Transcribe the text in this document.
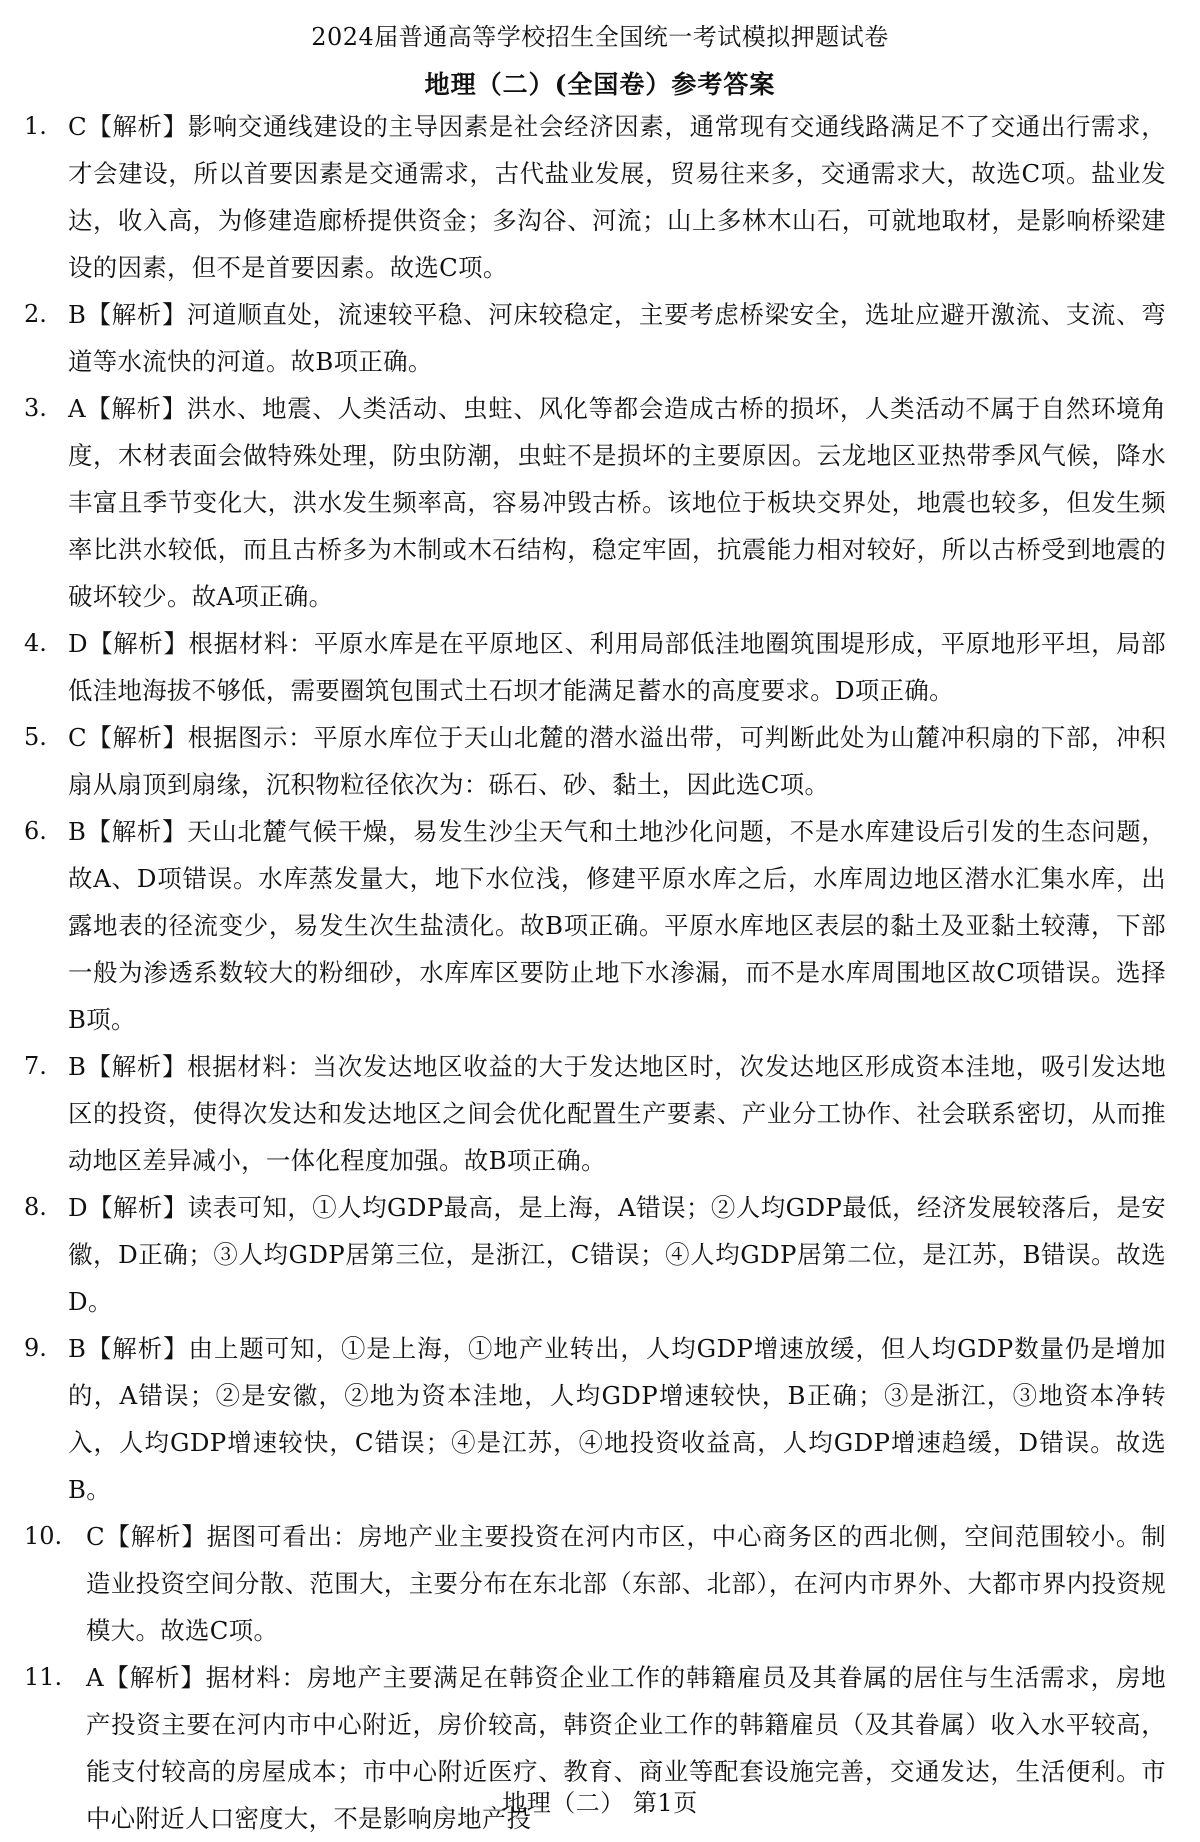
2024届普通高等学校招生全国统一考试模拟押题试卷
地理（二）(全国卷）参考答案
1. C【解析】影响交通线建设的主导因素是社会经济因素，通常现有交通线路满足不了交通出行需求，才会建设，所以首要因素是交通需求，古代盐业发展，贸易往来多，交通需求大，故选C项。盐业发达，收入高，为修建造廊桥提供资金；多沟谷、河流；山上多林木山石，可就地取材，是影响桥梁建设的因素，但不是首要因素。故选C项。
2. B【解析】河道顺直处，流速较平稳、河床较稳定，主要考虑桥梁安全，选址应避开激流、支流、弯道等水流快的河道。故B项正确。
3. A【解析】洪水、地震、人类活动、虫蛀、风化等都会造成古桥的损坏，人类活动不属于自然环境角度，木材表面会做特殊处理，防虫防潮，虫蛀不是损坏的主要原因。云龙地区亚热带季风气候，降水丰富且季节变化大，洪水发生频率高，容易冲毁古桥。该地位于板块交界处，地震也较多，但发生频率比洪水较低，而且古桥多为木制或木石结构，稳定牢固，抗震能力相对较好，所以古桥受到地震的破坏较少。故A项正确。
4. D【解析】根据材料：平原水库是在平原地区、利用局部低洼地圈筑围堤形成，平原地形平坦，局部低洼地海拔不够低，需要圈筑包围式土石坝才能满足蓄水的高度要求。D项正确。
5. C【解析】根据图示：平原水库位于天山北麓的潜水溢出带，可判断此处为山麓冲积扇的下部，冲积扇从扇顶到扇缘，沉积物粒径依次为：砾石、砂、黏土，因此选C项。
6. B【解析】天山北麓气候干燥，易发生沙尘天气和土地沙化问题，不是水库建设后引发的生态问题，故A、D项错误。水库蒸发量大，地下水位浅，修建平原水库之后，水库周边地区潜水汇集水库，出露地表的径流变少，易发生次生盐渍化。故B项正确。平原水库地区表层的黏土及亚黏土较薄，下部一般为渗透系数较大的粉细砂，水库库区要防止地下水渗漏，而不是水库周围地区故C项错误。选择B项。
7. B【解析】根据材料：当次发达地区收益的大于发达地区时，次发达地区形成资本洼地，吸引发达地区的投资，使得次发达和发达地区之间会优化配置生产要素、产业分工协作、社会联系密切，从而推动地区差异减小，一体化程度加强。故B项正确。
8. D【解析】读表可知，①人均GDP最高，是上海，A错误；②人均GDP最低，经济发展较落后，是安徽，D正确；③人均GDP居第三位，是浙江，C错误；④人均GDP居第二位，是江苏，B错误。故选D。
9. B【解析】由上题可知，①是上海，①地产业转出，人均GDP增速放缓，但人均GDP数量仍是增加的，A错误；②是安徽，②地为资本洼地，人均GDP增速较快，B正确；③是浙江，③地资本净转入，人均GDP增速较快，C错误；④是江苏，④地投资收益高，人均GDP增速趋缓，D错误。故选B。
10. C【解析】据图可看出：房地产业主要投资在河内市区，中心商务区的西北侧，空间范围较小。制造业投资空间分散、范围大，主要分布在东北部（东部、北部），在河内市界外、大都市界内投资规模大。故选C项。
11. A【解析】据材料：房地产主要满足在韩资企业工作的韩籍雇员及其眷属的居住与生活需求，房地产投资主要在河内市中心附近，房价较高，韩资企业工作的韩籍雇员（及其眷属）收入水平较高，能支付较高的房屋成本；市中心附近医疗、教育、商业等配套设施完善，交通发达，生活便利。市中心附近人口密度大，不是影响房地产投
地理（二） 第1页
